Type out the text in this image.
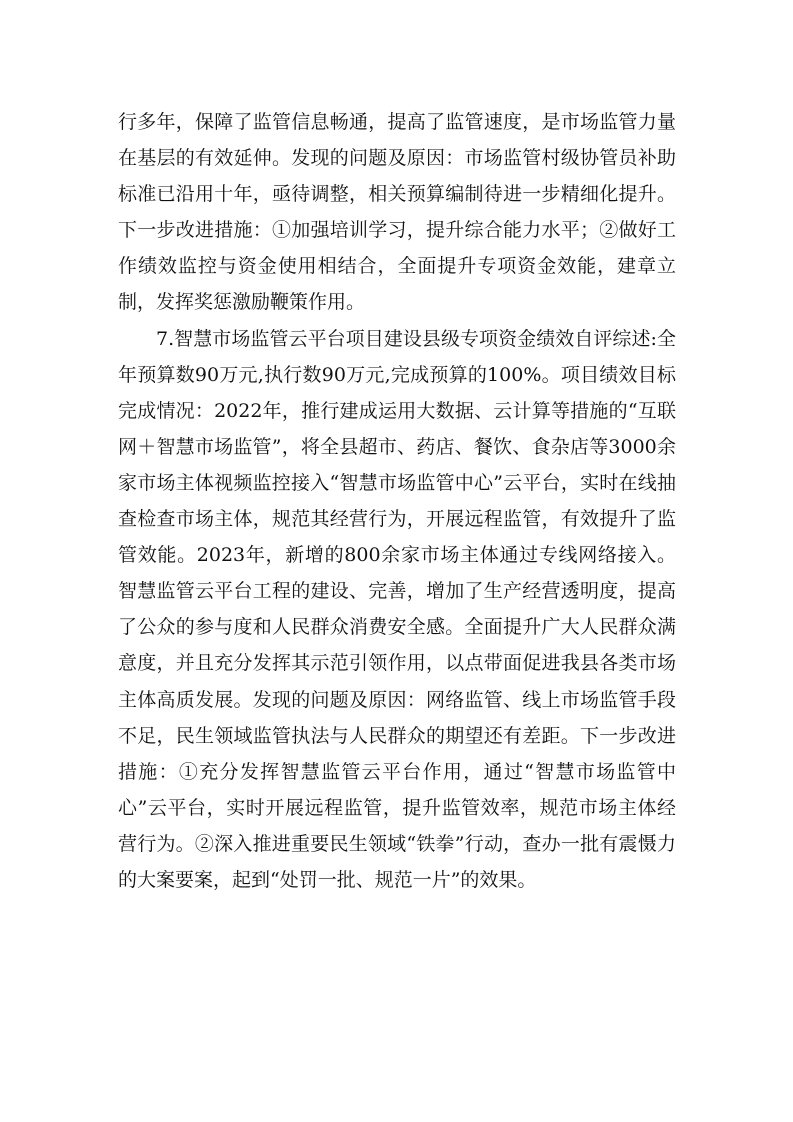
行多年，保障了监管信息畅通，提高了监管速度，是市场监管力量在基层的有效延伸。发现的问题及原因：市场监管村级协管员补助标准已沿用十年，亟待调整，相关预算编制待进一步精细化提升。下一步改进措施：①加强培训学习，提升综合能力水平；②做好工作绩效监控与资金使用相结合，全面提升专项资金效能，建章立制，发挥奖惩激励鞭策作用。

7.智慧市场监管云平台项目建设县级专项资金绩效自评综述:全年预算数90万元,执行数90万元,完成预算的100%。项目绩效目标完成情况：2022年，推行建成运用大数据、云计算等措施的“互联网＋智慧市场监管”，将全县超市、药店、餐饮、食杂店等3000余家市场主体视频监控接入“智慧市场监管中心”云平台，实时在线抽查检查市场主体，规范其经营行为，开展远程监管，有效提升了监管效能。2023年，新增的800余家市场主体通过专线网络接入。智慧监管云平台工程的建设、完善，增加了生产经营透明度，提高了公众的参与度和人民群众消费安全感。全面提升广大人民群众满意度，并且充分发挥其示范引领作用，以点带面促进我县各类市场主体高质发展。发现的问题及原因：网络监管、线上市场监管手段不足，民生领域监管执法与人民群众的期望还有差距。下一步改进措施：①充分发挥智慧监管云平台作用，通过“智慧市场监管中心”云平台，实时开展远程监管，提升监管效率，规范市场主体经营行为。②深入推进重要民生领域“铁拳”行动，查办一批有震慑力的大案要案，起到“处罚一批、规范一片”的效果。
